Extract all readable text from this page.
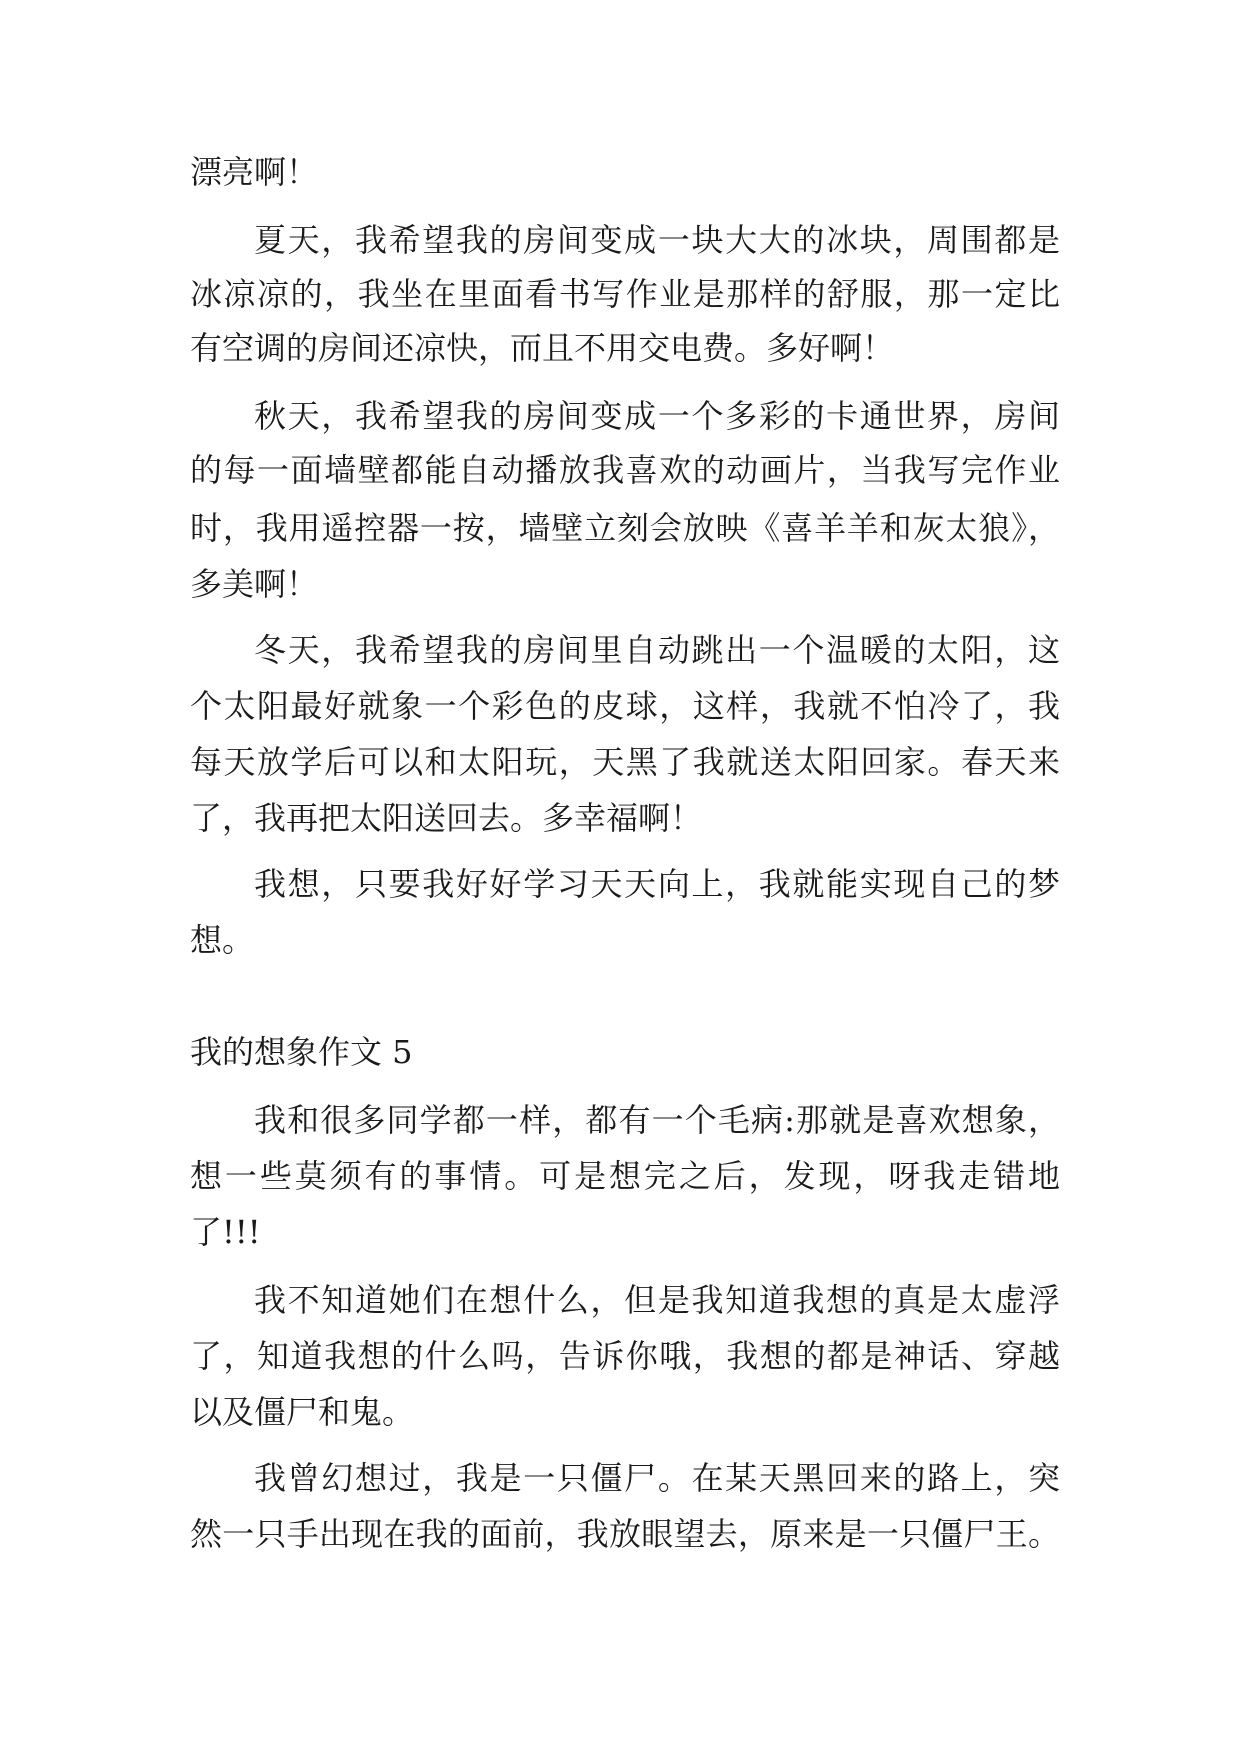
漂亮啊！
夏天，我希望我的房间变成一块大大的冰块，周围都是
冰凉凉的，我坐在里面看书写作业是那样的舒服，那一定比
有空调的房间还凉快，而且不用交电费。多好啊！
秋天，我希望我的房间变成一个多彩的卡通世界，房间
的每一面墙壁都能自动播放我喜欢的动画片，当我写完作业
时，我用遥控器一按，墙壁立刻会放映《喜羊羊和灰太狼》，
多美啊！
冬天，我希望我的房间里自动跳出一个温暖的太阳，这
个太阳最好就象一个彩色的皮球，这样，我就不怕冷了，我
每天放学后可以和太阳玩，天黑了我就送太阳回家。春天来
了，我再把太阳送回去。多幸福啊！
我想，只要我好好学习天天向上，我就能实现自己的梦
想。
我的想象作文 5
我和很多同学都一样，都有一个毛病:那就是喜欢想象，
想一些莫须有的事情。可是想完之后，发现，呀我走错地
了!!!
我不知道她们在想什么，但是我知道我想的真是太虚浮
了，知道我想的什么吗，告诉你哦，我想的都是神话、穿越
以及僵尸和鬼。
我曾幻想过，我是一只僵尸。在某天黑回来的路上，突
然一只手出现在我的面前，我放眼望去，原来是一只僵尸王。
